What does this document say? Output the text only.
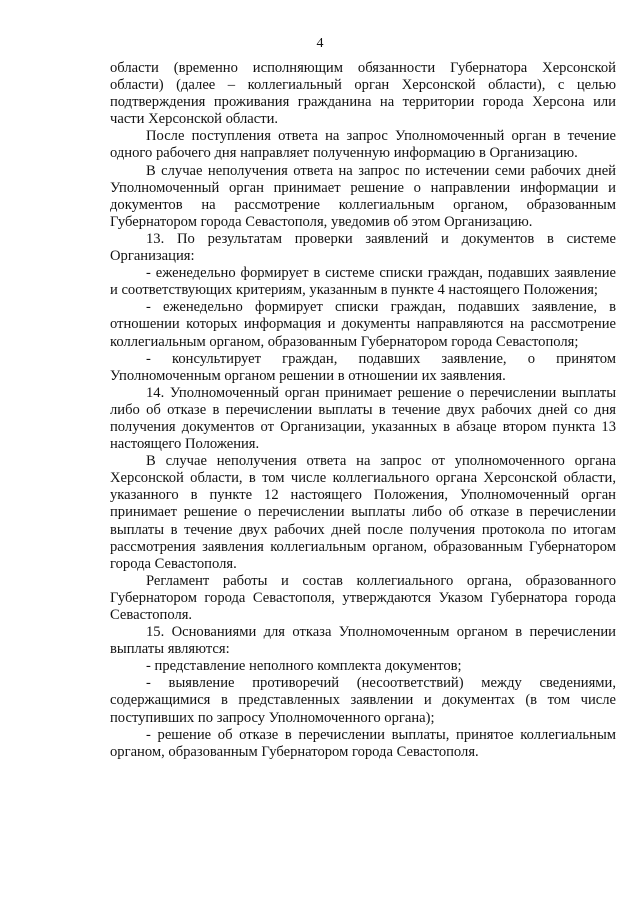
4

области (временно исполняющим обязанности Губернатора Херсонской области) (далее – коллегиальный орган Херсонской области), с целью подтверждения проживания гражданина на территории города Херсона или части Херсонской области.

После поступления ответа на запрос Уполномоченный орган в течение одного рабочего дня направляет полученную информацию в Организацию.

В случае неполучения ответа на запрос по истечении семи рабочих дней Уполномоченный орган принимает решение о направлении информации и документов на рассмотрение коллегиальным органом, образованным Губернатором города Севастополя, уведомив об этом Организацию.

13. По результатам проверки заявлений и документов в системе Организация:

- еженедельно формирует в системе списки граждан, подавших заявление и соответствующих критериям, указанным в пункте 4 настоящего Положения;

- еженедельно формирует списки граждан, подавших заявление, в отношении которых информация и документы направляются на рассмотрение коллегиальным органом, образованным Губернатором города Севастополя;

- консультирует граждан, подавших заявление, о принятом Уполномоченным органом решении в отношении их заявления.

14. Уполномоченный орган принимает решение о перечислении выплаты либо об отказе в перечислении выплаты в течение двух рабочих дней со дня получения документов от Организации, указанных в абзаце втором пункта 13 настоящего Положения.

В случае неполучения ответа на запрос от уполномоченного органа Херсонской области, в том числе коллегиального органа Херсонской области, указанного в пункте 12 настоящего Положения, Уполномоченный орган принимает решение о перечислении выплаты либо об отказе в перечислении выплаты в течение двух рабочих дней после получения протокола по итогам рассмотрения заявления коллегиальным органом, образованным Губернатором города Севастополя.

Регламент работы и состав коллегиального органа, образованного Губернатором города Севастополя, утверждаются Указом Губернатора города Севастополя.

15. Основаниями для отказа Уполномоченным органом в перечислении выплаты являются:

- представление неполного комплекта документов;

- выявление противоречий (несоответствий) между сведениями, содержащимися в представленных заявлении и документах (в том числе поступивших по запросу Уполномоченного органа);

- решение об отказе в перечислении выплаты, принятое коллегиальным органом, образованным Губернатором города Севастополя.
